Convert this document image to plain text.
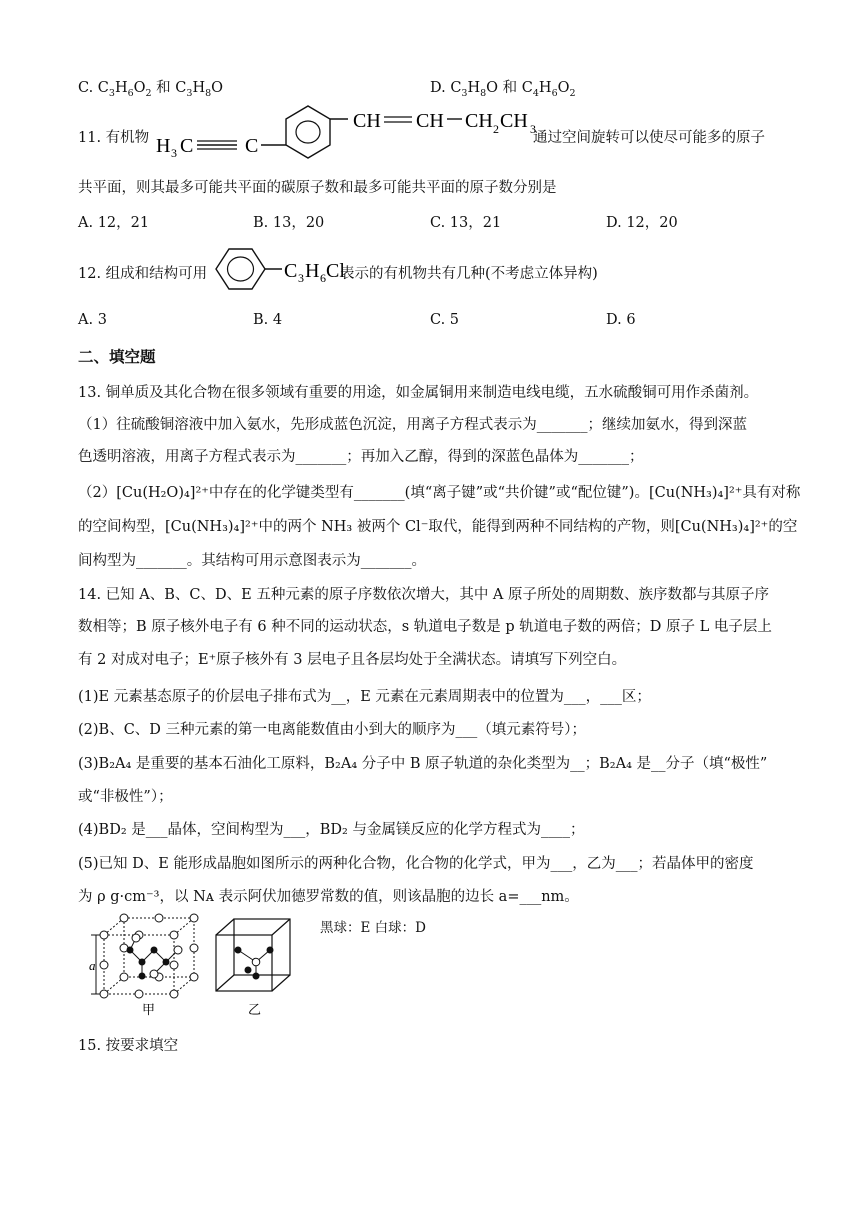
C. $C_3H_6O_2$ 和 $C_3H_8O$	D. $C_3H_8O$ 和 $C_4H_6O_2$
11. 有机物 H 3 C	C
CH CH CH 2 CH 3
通过空间旋转可以使尽可能多的原子
共平面，则其最多可能共平面的碳原子数和最多可能共平面的原子数分别是
A. 12，21	B. 13，20	C. 13，21	D. 12，20
12. 组成和结构可用	C 3 H 6 Cl
表示的有机物共有几种(不考虑立体异构)
A. 3	B. 4	C. 5	D. 6
二、填空题
13. 铜单质及其化合物在很多领域有重要的用途，如金属铜用来制造电线电缆，五水硫酸铜可用作杀菌剂。
（1）往硫酸铜溶液中加入氨水，先形成蓝色沉淀，用离子方程式表示为_______；继续加氨水，得到深蓝
色透明溶液，用离子方程式表示为_______；再加入乙醇，得到的深蓝色晶体为_______；
（2）[Cu(H₂O)₄]²⁺中存在的化学键类型有_______(填“离子键”或“共价键”或“配位键”)。[Cu(NH₃)₄]²⁺具有对称
的空间构型，[Cu(NH₃)₄]²⁺中的两个 NH₃ 被两个 Cl⁻取代，能得到两种不同结构的产物，则[Cu(NH₃)₄]²⁺的空
间构型为_______。其结构可用示意图表示为_______。
14. 已知 A、B、C、D、E 五种元素的原子序数依次增大，其中 A 原子所处的周期数、族序数都与其原子序
数相等；B 原子核外电子有 6 种不同的运动状态，s 轨道电子数是 p 轨道电子数的两倍；D 原子 L 电子层上
有 2 对成对电子；E⁺原子核外有 3 层电子且各层均处于全满状态。请填写下列空白。
(1)E 元素基态原子的价层电子排布式为__，E 元素在元素周期表中的位置为___，___区；
(2)B、C、D 三种元素的第一电离能数值由小到大的顺序为___（填元素符号）；
(3)B₂A₄ 是重要的基本石油化工原料，B₂A₄ 分子中 B 原子轨道的杂化类型为__；B₂A₄ 是__分子（填“极性”
或“非极性”）；
(4)BD₂ 是___晶体，空间构型为___，BD₂ 与金属镁反应的化学方程式为____；
(5)已知 D、E 能形成晶胞如图所示的两种化合物，化合物的化学式，甲为___，乙为___；若晶体甲的密度
为 ρ g·cm⁻³，以 Nᴀ 表示阿伏加德罗常数的值，则该晶胞的边长 a=___nm。
a
甲	乙
黑球：E 白球：D
15. 按要求填空
